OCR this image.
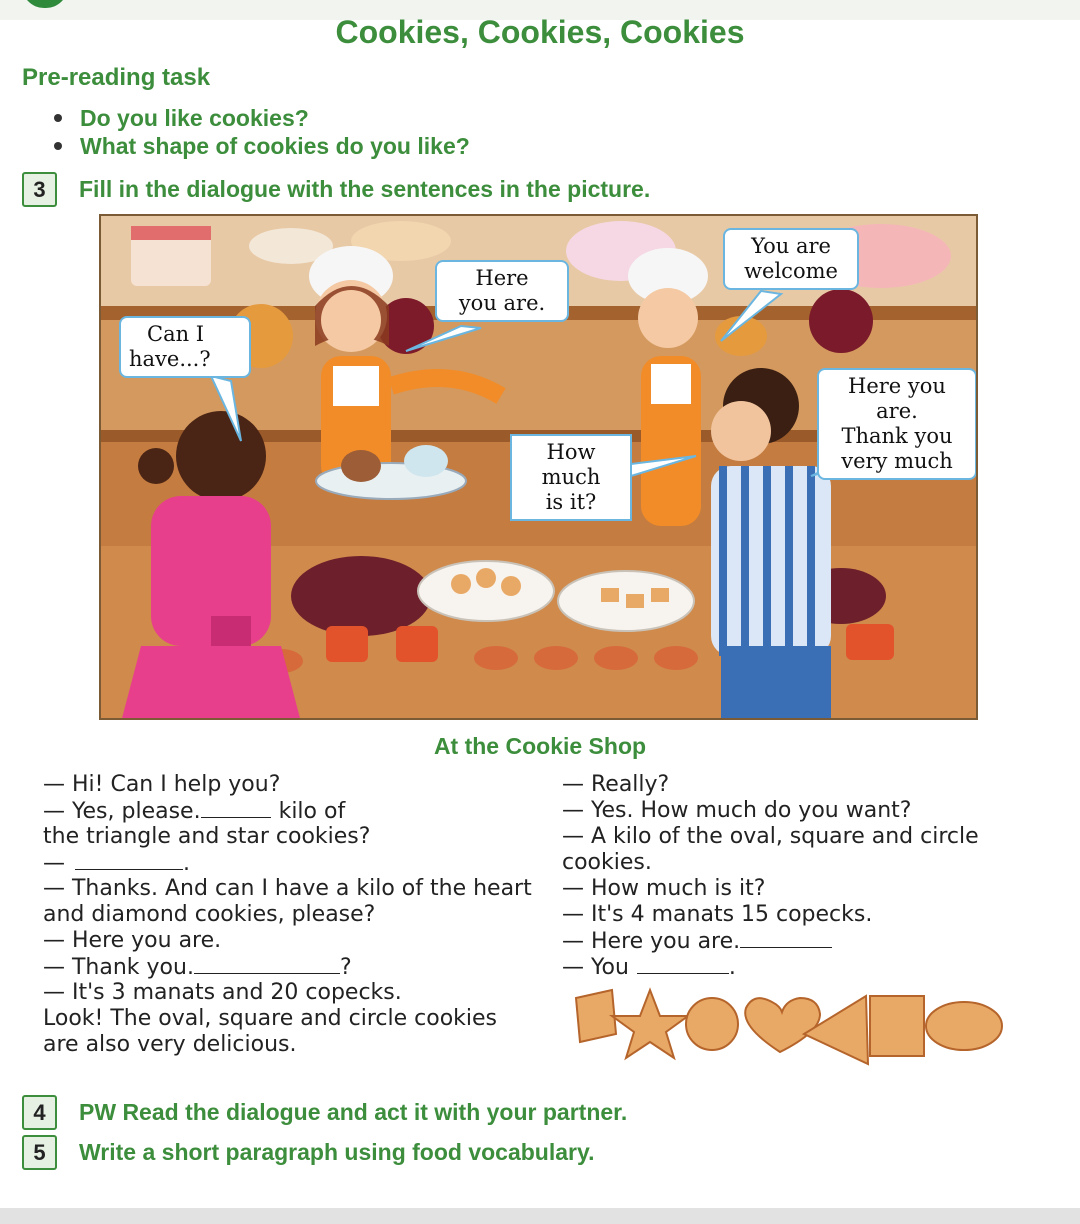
Cookies, Cookies, Cookies
Pre-reading task
Do you like cookies?
What shape of cookies do you like?
3	Fill in the dialogue with the sentences in the picture.
Can I
have...?
Here
you are.
You are
welcome
How much
is it?
Here you are.
Thank you
very much
At the Cookie Shop
— Hi! Can I help you?
— Yes, please.	kilo of
the triangle and star cookies?
—	.
— Thanks. And can I have a kilo of the heart
and diamond cookies, please?
— Here you are.
— Thank you.	?
— It's 3 manats and 20 copecks.
Look! The oval, square and circle cookies
are also very delicious.
— Really?
— Yes. How much do you want?
— A kilo of the oval, square and circle
cookies.
— How much is it?
— It's 4 manats 15 copecks.
— Here you are.
— You	.
4	PW Read the dialogue and act it with your partner.
5	Write a short paragraph using food vocabulary.
